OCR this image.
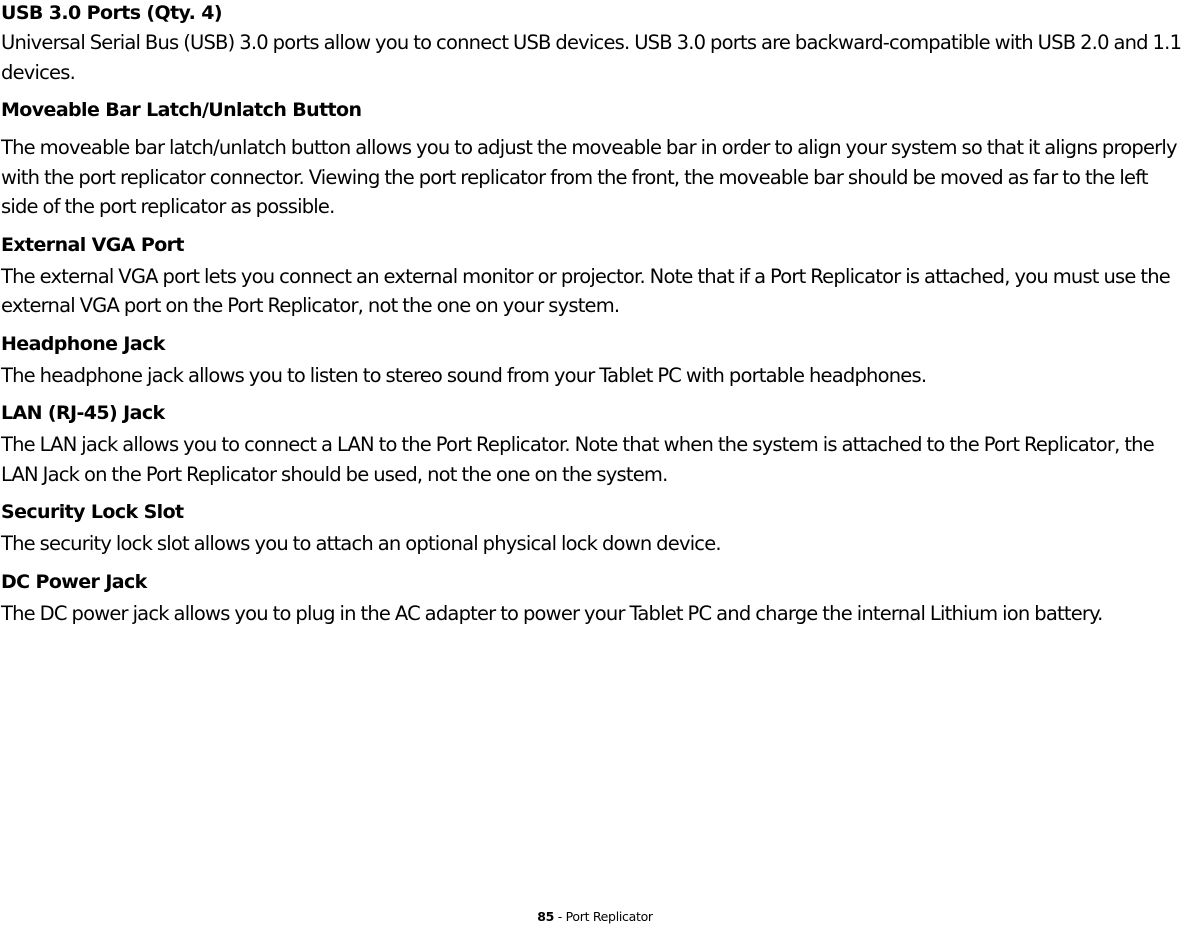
USB 3.0 Ports (Qty. 4)

Universal Serial Bus (USB) 3.0 ports allow you to connect USB devices. USB 3.0 ports are backward-compatible with USB 2.0 and 1.1 devices.

Moveable Bar Latch/Unlatch Button

The moveable bar latch/unlatch button allows you to adjust the moveable bar in order to align your system so that it aligns properly with the port replicator connector. Viewing the port replicator from the front, the moveable bar should be moved as far to the left side of the port replicator as possible.

External VGA Port

The external VGA port lets you connect an external monitor or projector. Note that if a Port Replicator is attached, you must use the external VGA port on the Port Replicator, not the one on your system.

Headphone Jack

The headphone jack allows you to listen to stereo sound from your Tablet PC with portable headphones.

LAN (RJ-45) Jack

The LAN jack allows you to connect a LAN to the Port Replicator. Note that when the system is attached to the Port Replicator, the LAN Jack on the Port Replicator should be used, not the one on the system.

Security Lock Slot

The security lock slot allows you to attach an optional physical lock down device.

DC Power Jack

The DC power jack allows you to plug in the AC adapter to power your Tablet PC and charge the internal Lithium ion battery.

85 - Port Replicator
